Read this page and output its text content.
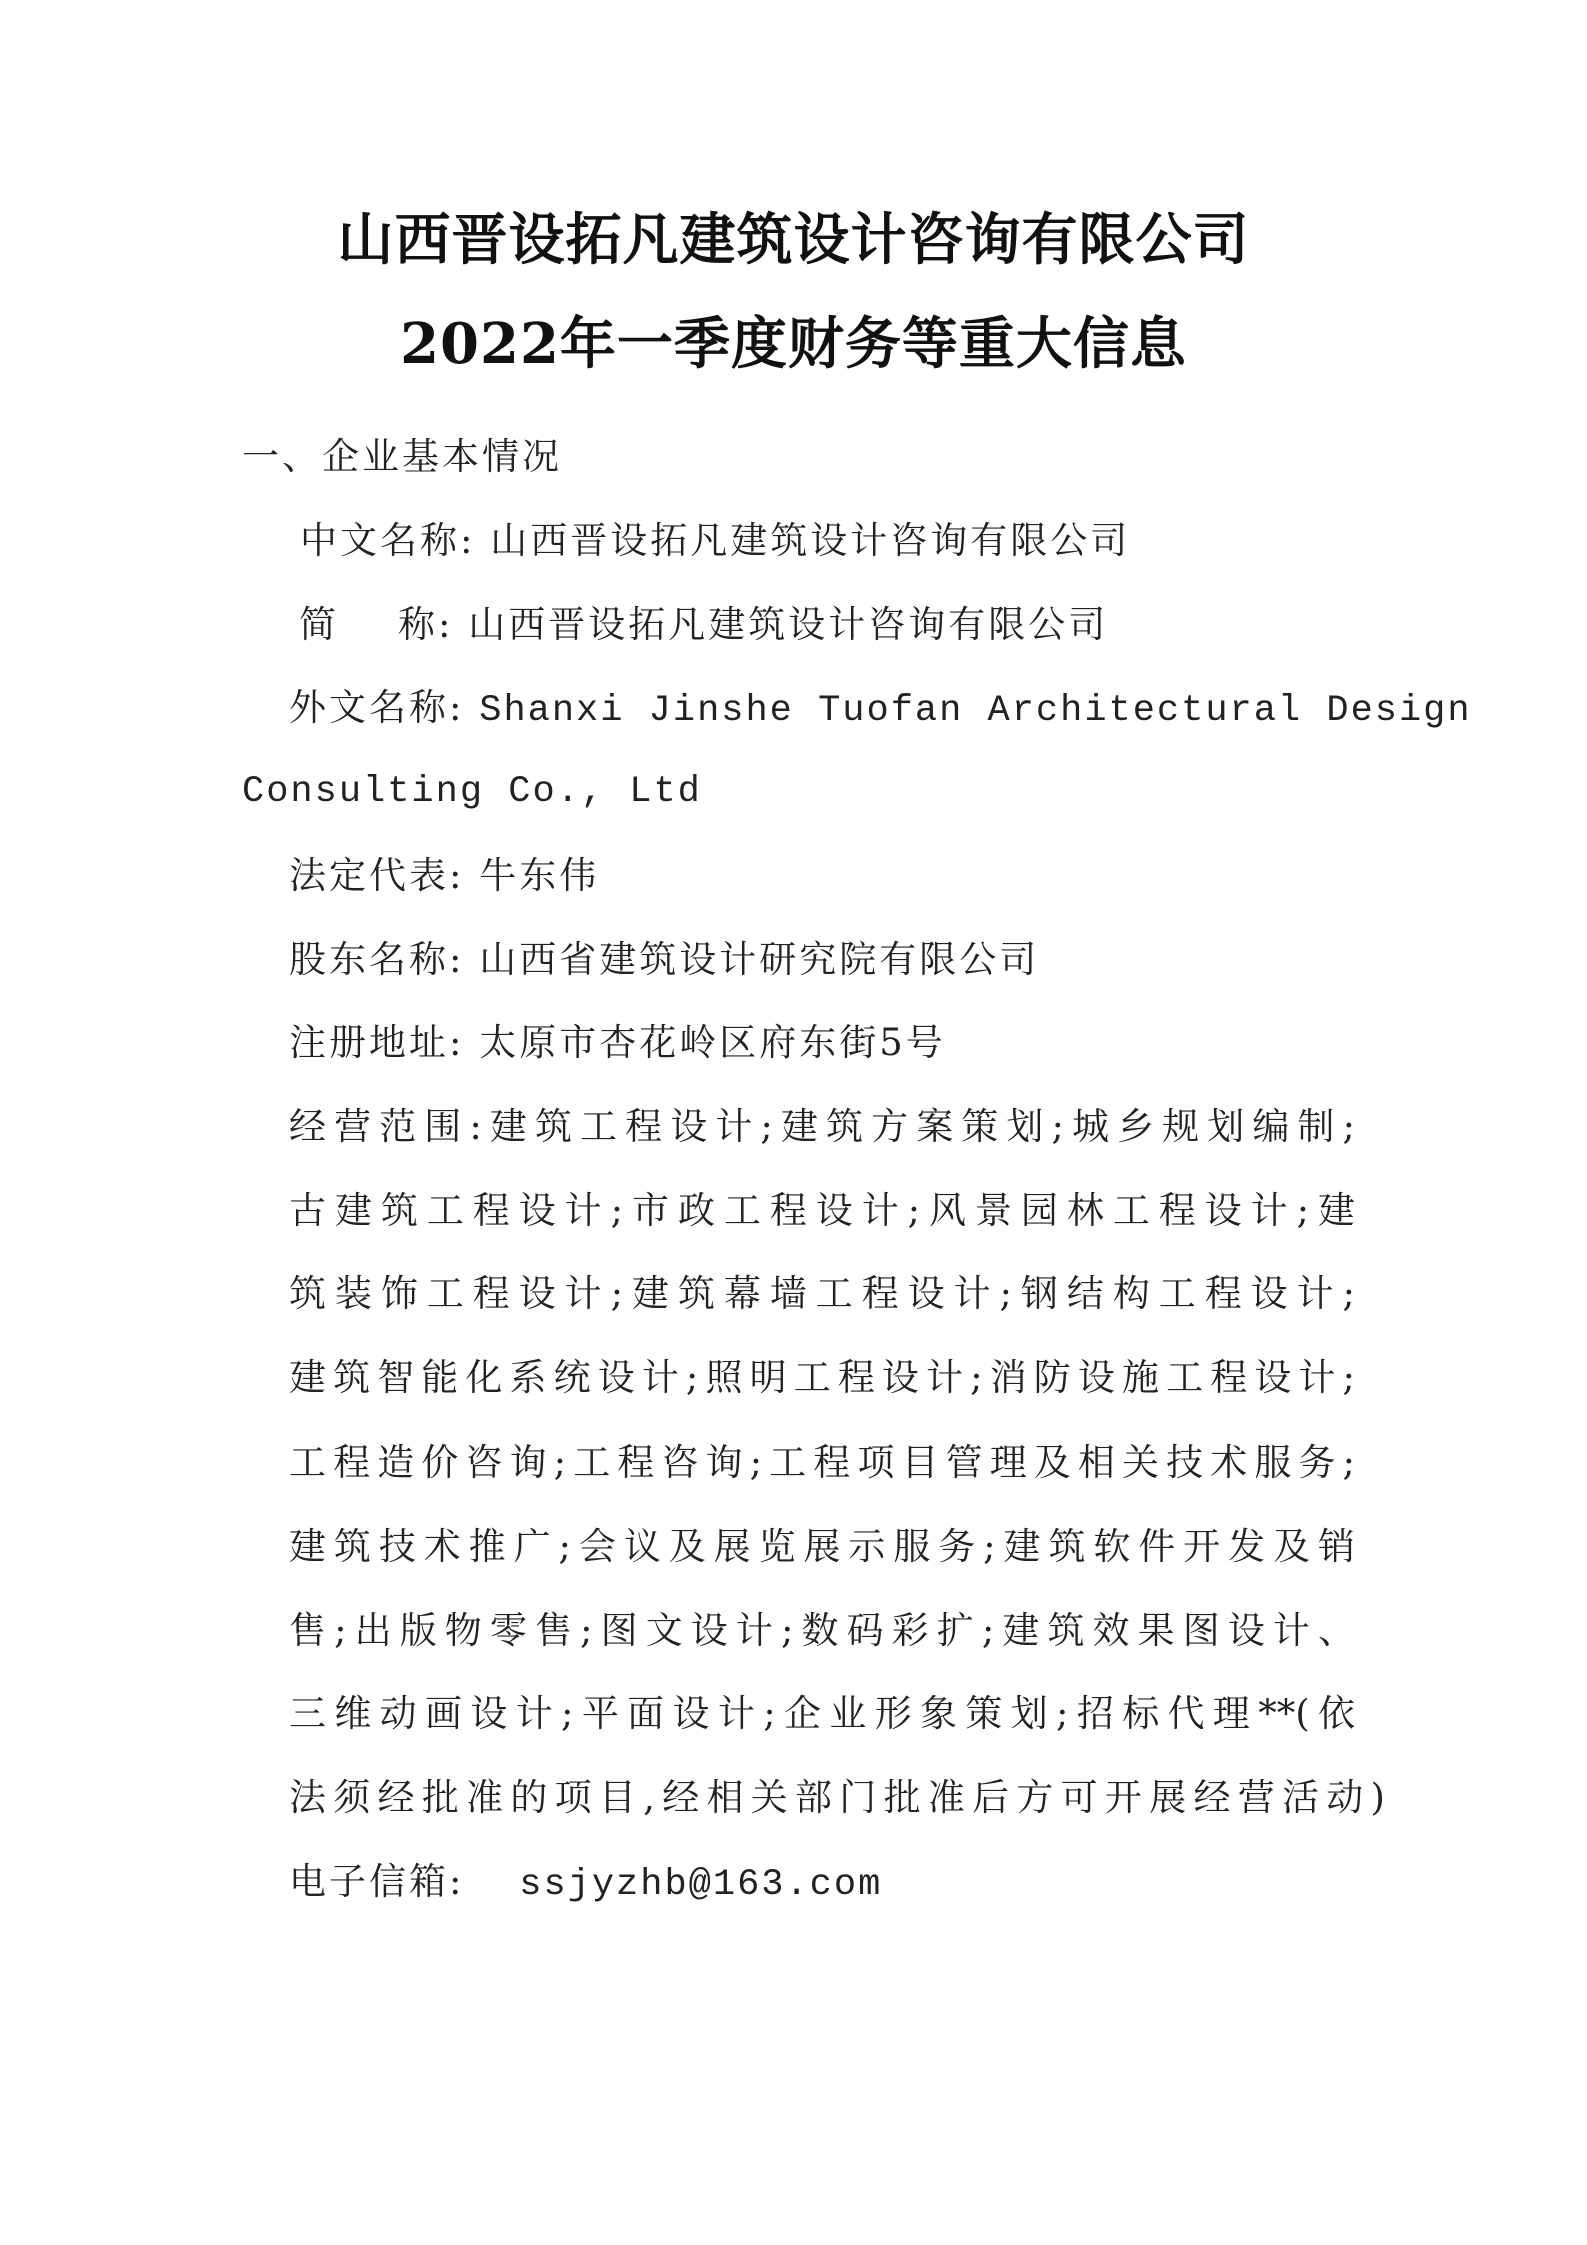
山西晋设拓凡建筑设计咨询有限公司
2022年一季度财务等重大信息
一、企业基本情况
中文名称: 山西晋设拓凡建筑设计咨询有限公司
简    称: 山西晋设拓凡建筑设计咨询有限公司
外文名称: Shanxi Jinshe Tuofan Architectural Design
Consulting Co., Ltd
法定代表: 牛东伟
股东名称: 山西省建筑设计研究院有限公司
注册地址: 太原市杏花岭区府东街5号
经营范围:建筑工程设计;建筑方案策划;城乡规划编制;
古建筑工程设计;市政工程设计;风景园林工程设计;建
筑装饰工程设计;建筑幕墙工程设计;钢结构工程设计;
建筑智能化系统设计;照明工程设计;消防设施工程设计;
工程造价咨询;工程咨询;工程项目管理及相关技术服务;
建筑技术推广;会议及展览展示服务;建筑软件开发及销
售;出版物零售;图文设计;数码彩扩;建筑效果图设计、
三维动画设计;平面设计;企业形象策划;招标代理**(依
法须经批准的项目,经相关部门批准后方可开展经营活动)
电子信箱: ssjyzhb@163.com
